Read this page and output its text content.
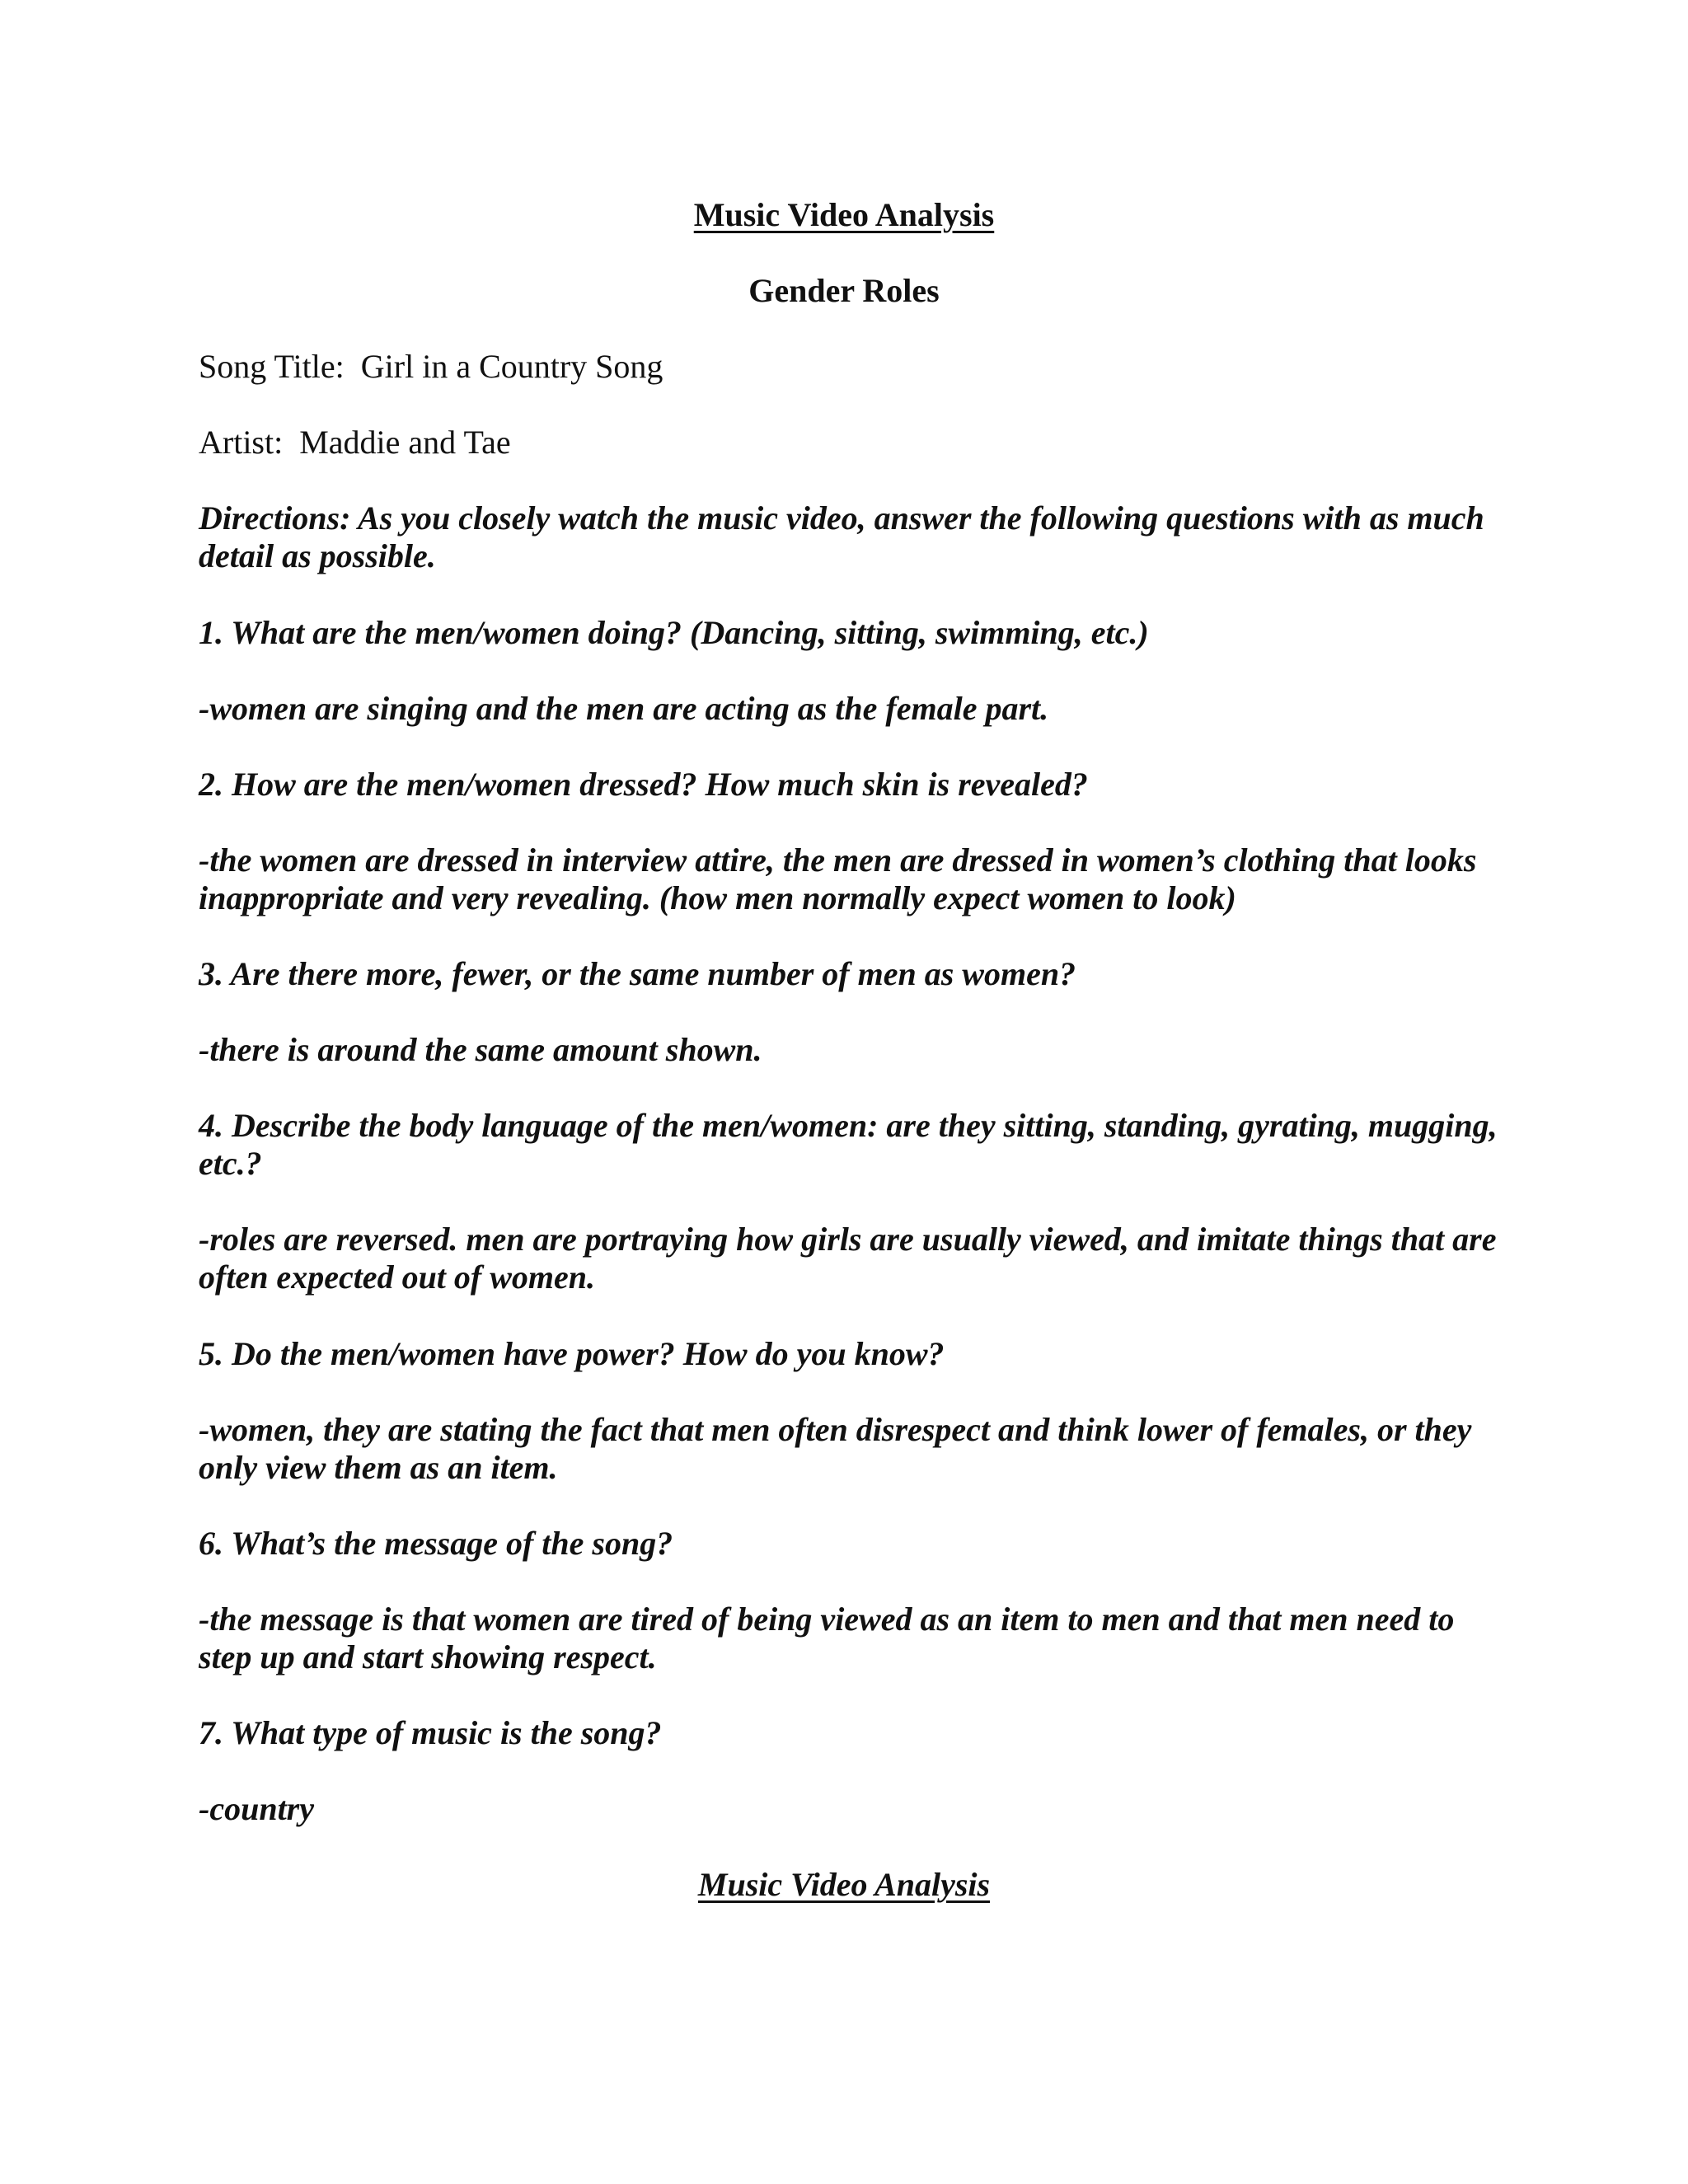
Music Video Analysis

Gender Roles

Song Title: Girl in a Country Song

Artist: Maddie and Tae

Directions: As you closely watch the music video, answer the following questions with as much detail as possible.

1. What are the men/women doing? (Dancing, sitting, swimming, etc.)

-women are singing and the men are acting as the female part.

2. How are the men/women dressed? How much skin is revealed?

-the women are dressed in interview attire, the men are dressed in women’s clothing that looks inappropriate and very revealing. (how men normally expect women to look)

3. Are there more, fewer, or the same number of men as women?

-there is around the same amount shown.

4. Describe the body language of the men/women: are they sitting, standing, gyrating, mugging, etc.?

-roles are reversed. men are portraying how girls are usually viewed, and imitate things that are often expected out of women.

5. Do the men/women have power? How do you know?

-women, they are stating the fact that men often disrespect and think lower of females, or they only view them as an item.

6. What’s the message of the song?

-the message is that women are tired of being viewed as an item to men and that men need to step up and start showing respect.

7. What type of music is the song?

-country

Music Video Analysis
